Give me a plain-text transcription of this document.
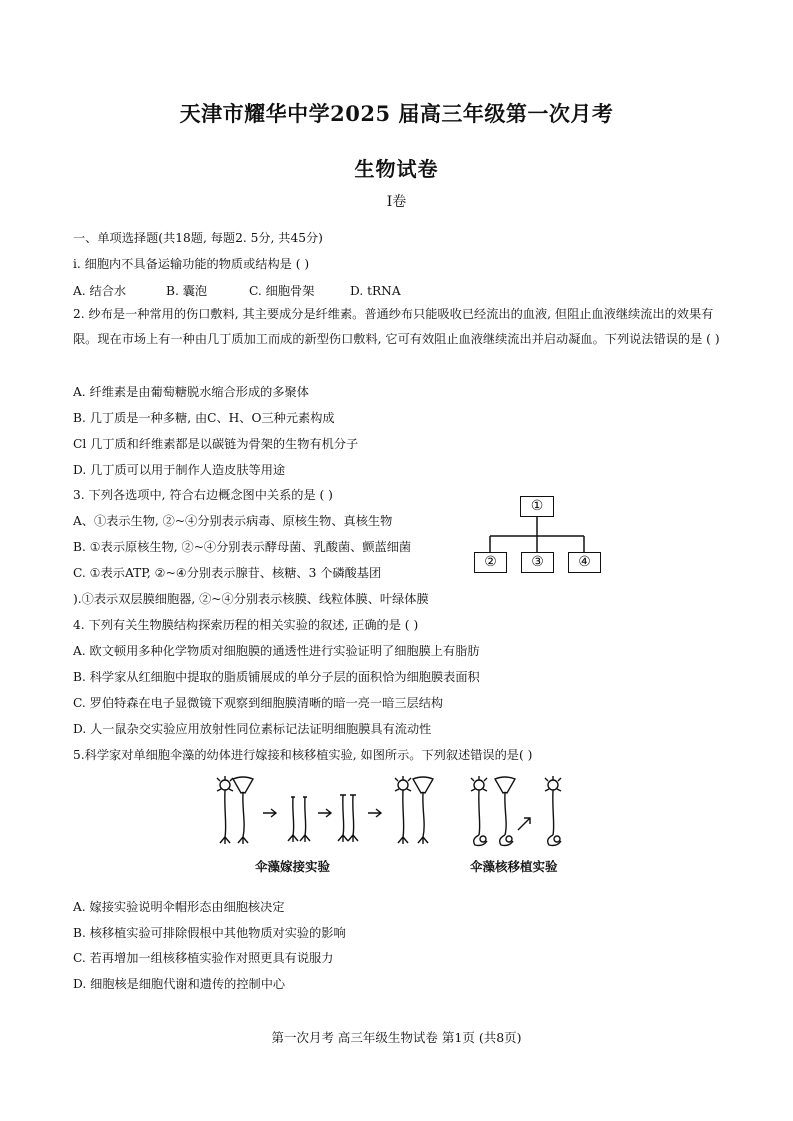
天津市耀华中学2025 届高三年级第一次月考
生物试卷
I卷
一、单项选择题(共18题, 每题2. 5分, 共45分)
i. 细胞内不具备运输功能的物质或结构是 ( )
A. 结合水	B. 囊泡	C. 细胞骨架	D. tRNA
2. 纱布是一种常用的伤口敷料, 其主要成分是纤维素。普通纱布只能吸收已经流出的血液, 但阻止血液继续流出的效果有限。现在市场上有一种由几丁质加工而成的新型伤口敷料, 它可有效阻止血液继续流出并启动凝血。下列说法错误的是 ( )
A. 纤维素是由葡萄糖脱水缩合形成的多聚体
B. 几丁质是一种多糖, 由C、H、O三种元素构成
Cl 几丁质和纤维素都是以碳链为骨架的生物有机分子
D. 几丁质可以用于制作人造皮肤等用途
3. 下列各选项中, 符合右边概念图中关系的是 ( )
A、①表示生物, ②~④分别表示病毒、原核生物、真核生物
B. ①表示原核生物, ②~④分别表示酵母菌、乳酸菌、颤蓝细菌
C. ①表示ATP, ②~④分别表示腺苷、核糖、3 个磷酸基团
).①表示双层膜细胞器, ②~④分别表示核膜、线粒体膜、叶绿体膜
①
②	③	④
4. 下列有关生物膜结构探索历程的相关实验的叙述, 正确的是 ( )
A. 欧文顿用多种化学物质对细胞膜的通透性进行实验证明了细胞膜上有脂肪
B. 科学家从红细胞中提取的脂质铺展成的单分子层的面积恰为细胞膜表面积
C. 罗伯特森在电子显微镜下观察到细胞膜清晰的暗一亮一暗三层结构
D. 人一鼠杂交实验应用放射性同位素标记法证明细胞膜具有流动性
5.科学家对单细胞伞藻的幼体进行嫁接和核移植实验, 如图所示。下列叙述错误的是( )
伞藻嫁接实验	伞藻核移植实验
A. 嫁接实验说明伞帽形态由细胞核决定
B. 核移植实验可排除假根中其他物质对实验的影响
C. 若再增加一组核移植实验作对照更具有说服力
D. 细胞核是细胞代谢和遗传的控制中心
第一次月考 高三年级生物试卷 第1页 (共8页)
